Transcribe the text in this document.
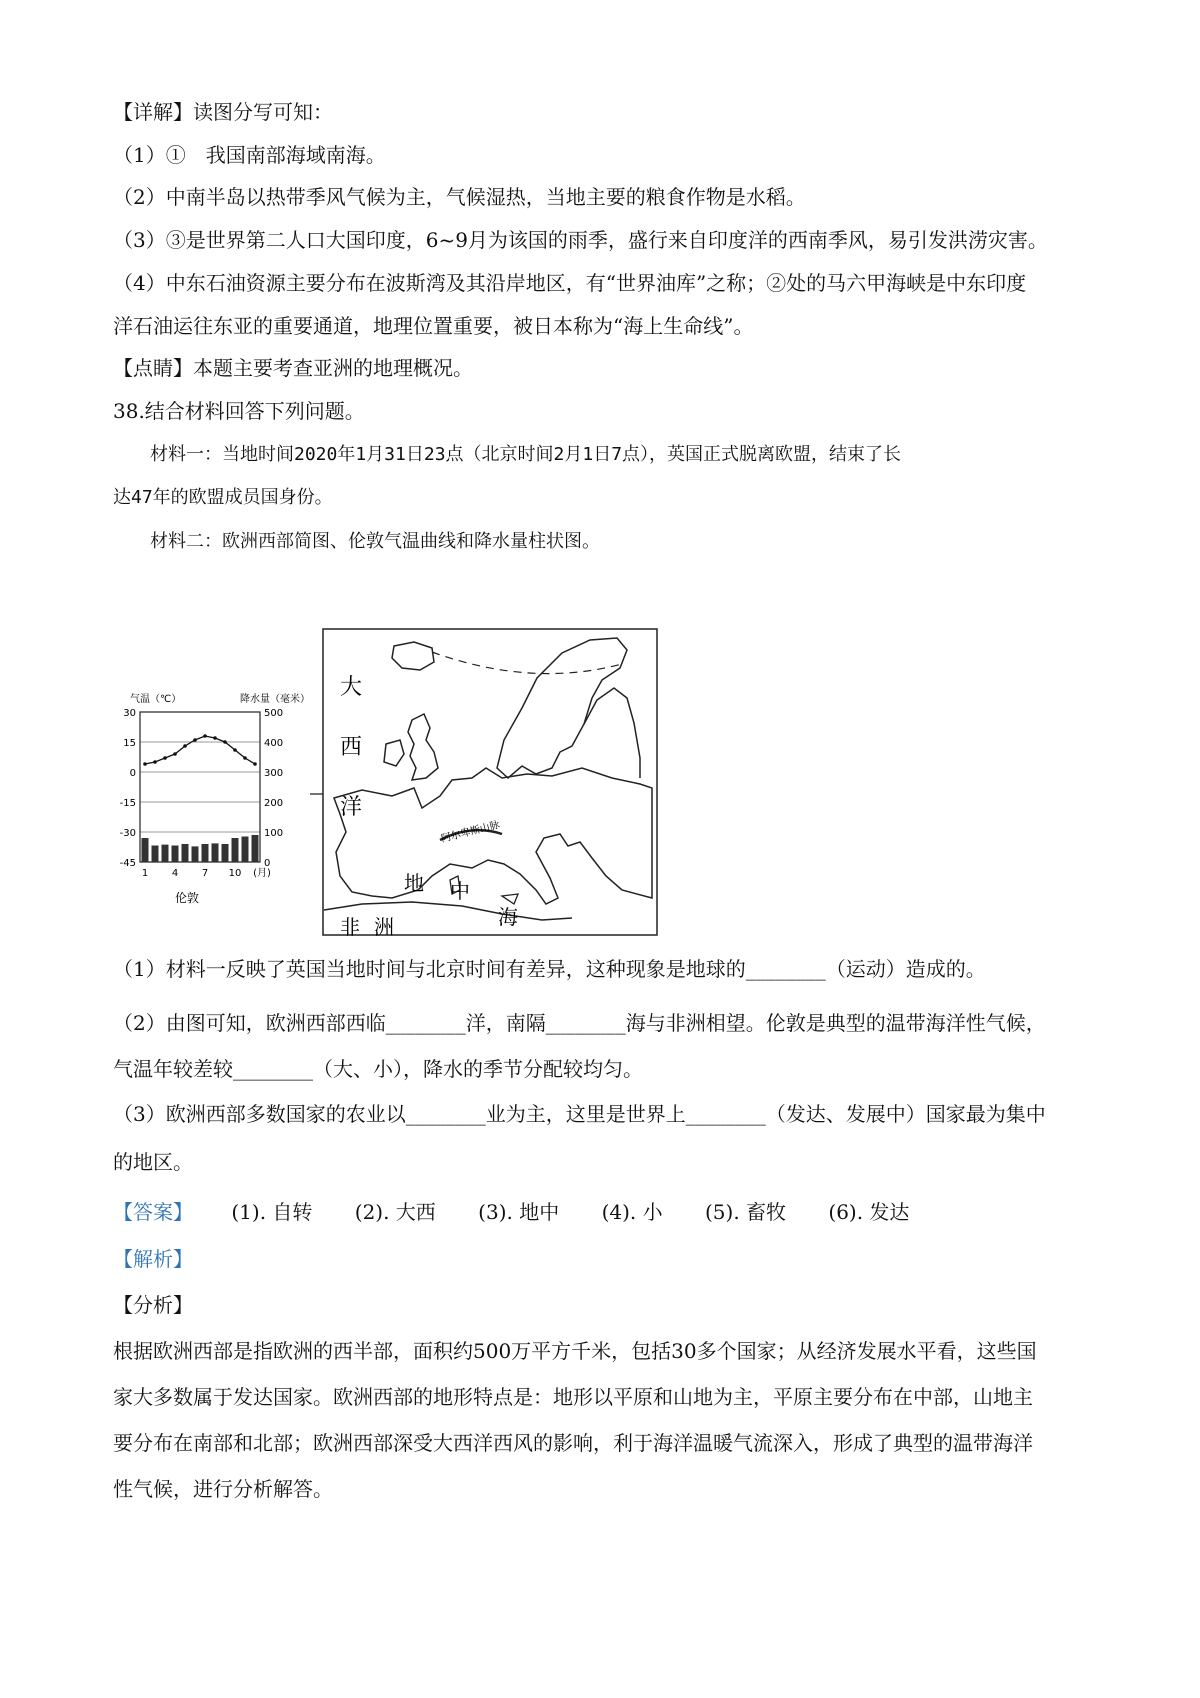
【详解】读图分写可知：
（1）①　我国南部海域南海。
（2）中南半岛以热带季风气候为主，气候湿热，当地主要的粮食作物是水稻。
（3）③是世界第二人口大国印度，6~9月为该国的雨季，盛行来自印度洋的西南季风，易引发洪涝灾害。
（4）中东石油资源主要分布在波斯湾及其沿岸地区，有“世界油库”之称；②处的马六甲海峡是中东印度
洋石油运往东亚的重要通道，地理位置重要，被日本称为“海上生命线”。
【点睛】本题主要考查亚洲的地理概况。
38.结合材料回答下列问题。
材料一：当地时间2020年1月31日23点（北京时间2月1日7点），英国正式脱离欧盟，结束了长
达47年的欧盟成员国身份。
材料二：欧洲西部简图、伦敦气温曲线和降水量柱状图。
气温（℃）	降水量（毫米）
30
15
0
-15
-30
-45
500
400
300
200
100
0
1 4 7 10 (月)
伦敦
大
西
洋
阿尔卑斯山脉
地 中
海
非 洲
（1）材料一反映了英国当地时间与北京时间有差异，这种现象是地球的________（运动）造成的。
（2）由图可知，欧洲西部西临________洋，南隔________海与非洲相望。伦敦是典型的温带海洋性气候，
气温年较差较________（大、小），降水的季节分配较均匀。
（3）欧洲西部多数国家的农业以________业为主，这里是世界上________（发达、发展中）国家最为集中
的地区。
【答案】 (1). 自转 (2). 大西 (3). 地中 (4). 小 (5). 畜牧 (6). 发达
【解析】
【分析】
根据欧洲西部是指欧洲的西半部，面积约500万平方千米，包括30多个国家；从经济发展水平看，这些国
家大多数属于发达国家。欧洲西部的地形特点是：地形以平原和山地为主，平原主要分布在中部，山地主
要分布在南部和北部；欧洲西部深受大西洋西风的影响，利于海洋温暖气流深入，形成了典型的温带海洋
性气候，进行分析解答。
